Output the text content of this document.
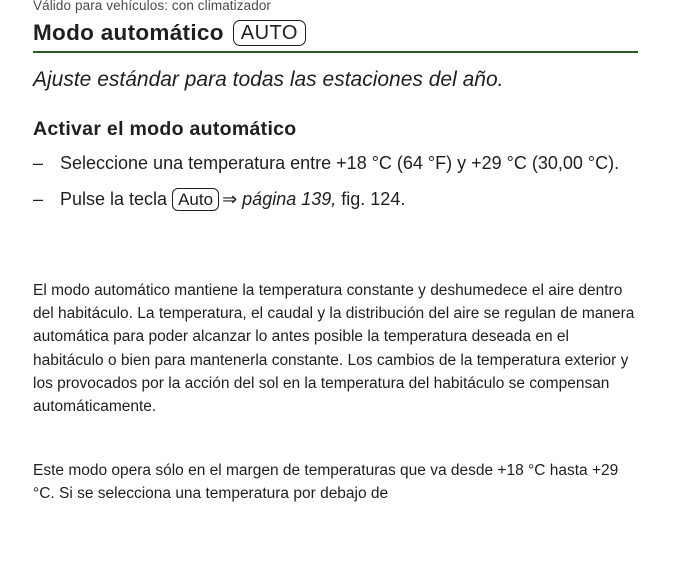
Válido para vehículos: con climatizador
Modo automático AUTO
Ajuste estándar para todas las estaciones del año.
Activar el modo automático
– Seleccione una temperatura entre +18 °C (64 °F) y +29 °C (30,00 °C).
– Pulse la tecla Auto ⇒ página 139, fig. 124.

El modo automático mantiene la temperatura constante y deshumedece el aire dentro del habitáculo. La temperatura, el caudal y la distribución del aire se regulan de manera automática para poder alcanzar lo antes posible la temperatura deseada en el habitáculo o bien para mantenerla constante. Los cambios de la temperatura exterior y los provocados por la acción del sol en la temperatura del habitáculo se compensan automáticamente.

Este modo opera sólo en el margen de temperaturas que va desde +18 °C hasta +29 °C. Si se selecciona una temperatura por debajo de
